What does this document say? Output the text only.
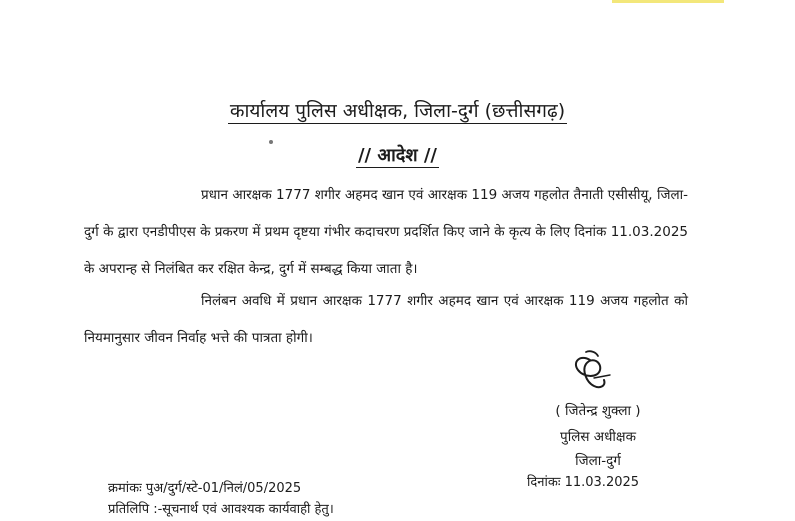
कार्यालय पुलिस अधीक्षक, जिला-दुर्ग (छत्तीसगढ़)
// आदेश //

प्रधान आरक्षक 1777 शगीर अहमद खान एवं आरक्षक 119 अजय गहलोत तैनाती एसीसीयू, जिला-दुर्ग के द्वारा एनडीपीएस के प्रकरण में प्रथम दृष्टया गंभीर कदाचरण प्रदर्शित किए जाने के कृत्य के लिए दिनांक 11.03.2025 के अपरान्ह से निलंबित कर रक्षित केन्द्र, दुर्ग में सम्बद्ध किया जाता है।

निलंबन अवधि में प्रधान आरक्षक 1777 शगीर अहमद खान एवं आरक्षक 119 अजय गहलोत को नियमानुसार जीवन निर्वाह भत्ते की पात्रता होगी।

( जितेन्द्र शुक्ला )
पुलिस अधीक्षक
जिला-दुर्ग
क्रमांकः पुअ/दुर्ग/स्टे-01/निलं/05/2025	दिनांकः 11.03.2025
प्रतिलिपि :-सूचनार्थ एवं आवश्यक कार्यवाही हेतु।
